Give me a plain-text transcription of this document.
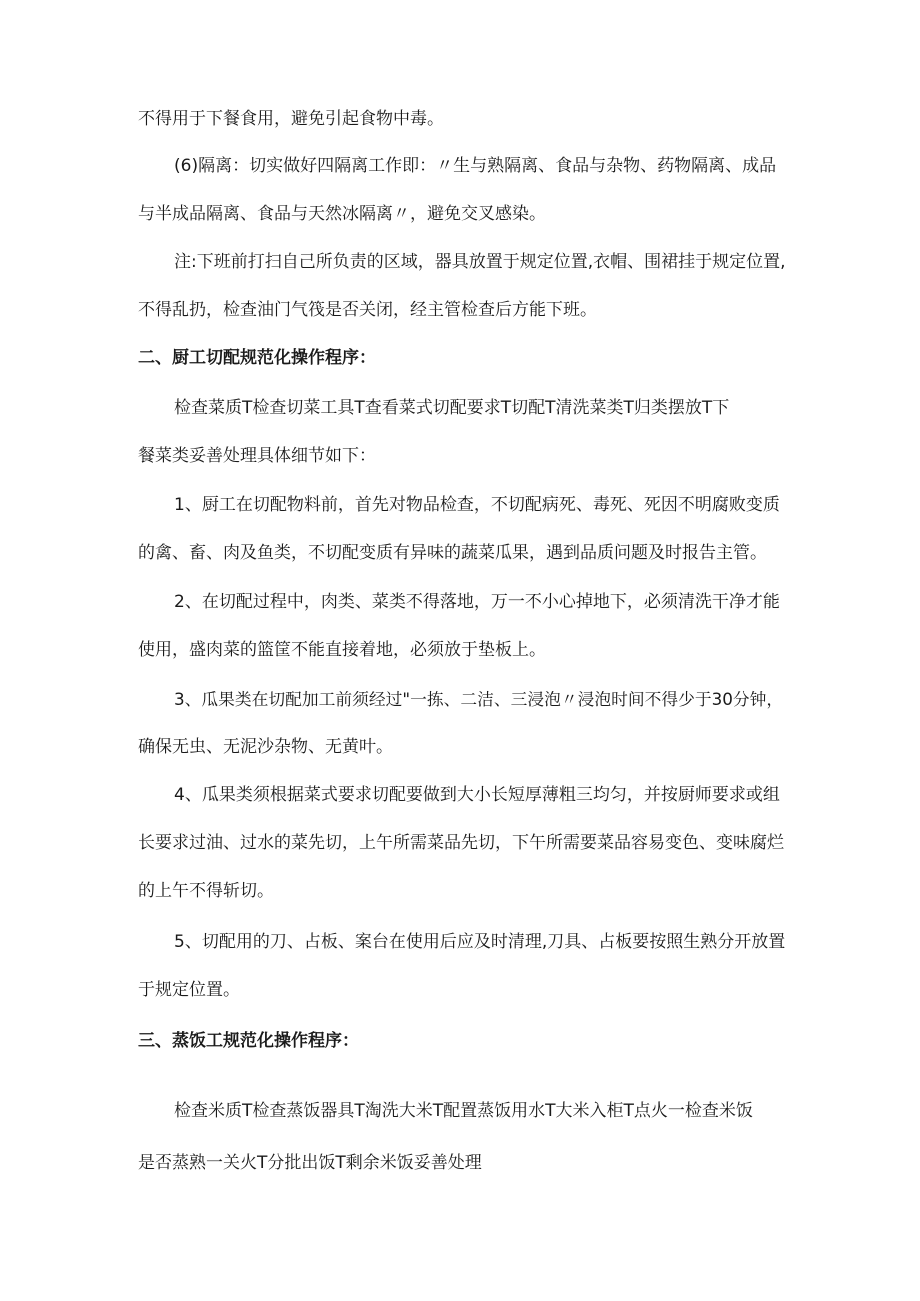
不得用于下餐食用，避免引起食物中毒。
(6)隔离：切实做好四隔离工作即：〃生与熟隔离、食品与杂物、药物隔离、成品
与半成品隔离、食品与天然冰隔离〃，避免交叉感染。
注:下班前打扫自己所负责的区域，器具放置于规定位置,衣帽、围裙挂于规定位置,
不得乱扔，检查油门气筏是否关闭，经主管检查后方能下班。
二、厨工切配规范化操作程序：
检查菜质T检查切菜工具T查看菜式切配要求T切配T清洗菜类T归类摆放T下
餐菜类妥善处理具体细节如下：
1、厨工在切配物料前，首先对物品检查，不切配病死、毒死、死因不明腐败变质
的禽、畜、肉及鱼类，不切配变质有异味的蔬菜瓜果，遇到品质问题及时报告主管。
2、在切配过程中，肉类、菜类不得落地，万一不小心掉地下，必须清洗干净才能
使用，盛肉菜的篮筐不能直接着地，必须放于垫板上。
3、瓜果类在切配加工前须经过"一拣、二洁、三浸泡〃浸泡时间不得少于30分钟，
确保无虫、无泥沙杂物、无黄叶。
4、瓜果类须根据菜式要求切配要做到大小长短厚薄粗三均匀，并按厨师要求或组
长要求过油、过水的菜先切，上午所需菜品先切，下午所需要菜品容易变色、变味腐烂
的上午不得斩切。
5、切配用的刀、占板、案台在使用后应及时清理,刀具、占板要按照生熟分开放置
于规定位置。
三、蒸饭工规范化操作程序：
检查米质T检查蒸饭器具T淘洗大米T配置蒸饭用水T大米入柜T点火一检查米饭
是否蒸熟一关火T分批出饭T剩余米饭妥善处理
